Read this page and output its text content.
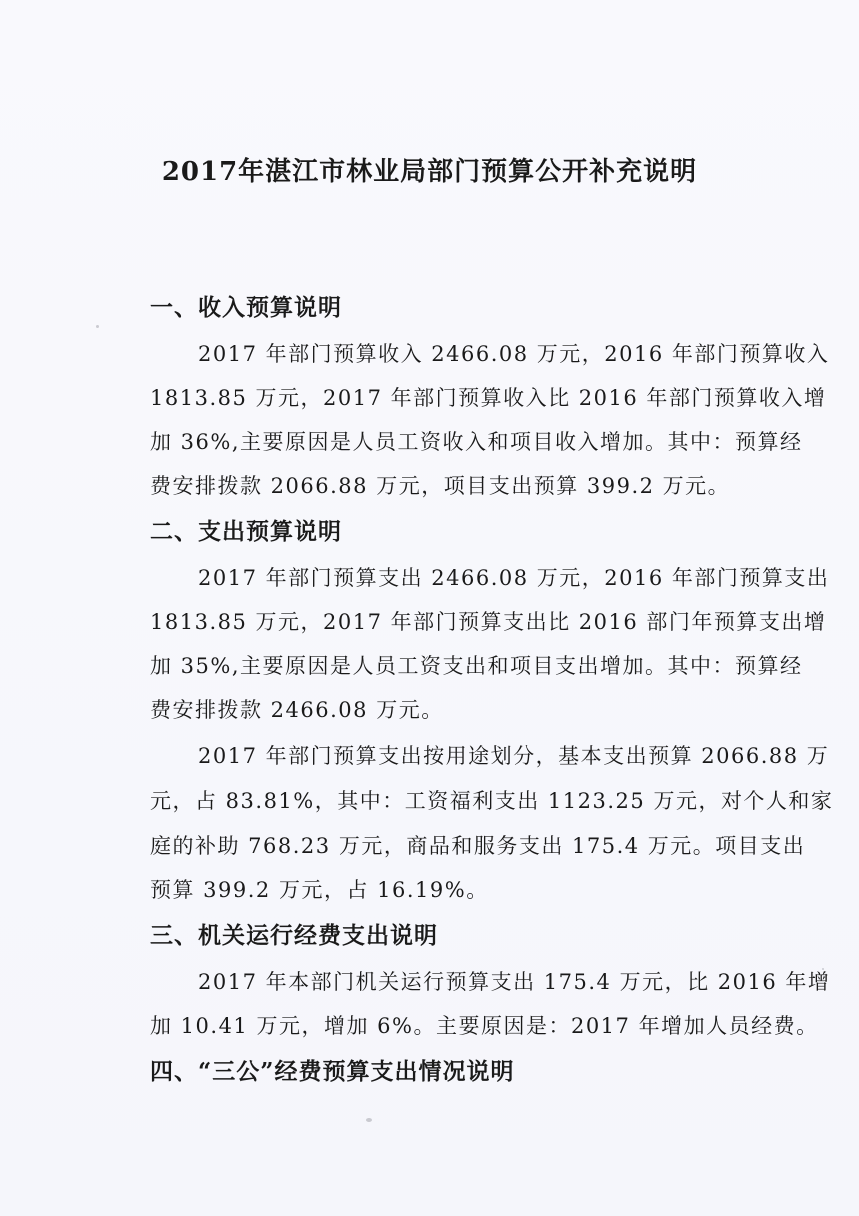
2017年湛江市林业局部门预算公开补充说明
一、收入预算说明
2017 年部门预算收入 2466.08 万元，2016 年部门预算收入
1813.85 万元，2017 年部门预算收入比 2016 年部门预算收入增
加 36%,主要原因是人员工资收入和项目收入增加。其中：预算经
费安排拨款 2066.88 万元，项目支出预算 399.2 万元。
二、支出预算说明
2017 年部门预算支出 2466.08 万元，2016 年部门预算支出
1813.85 万元，2017 年部门预算支出比 2016 部门年预算支出增
加 35%,主要原因是人员工资支出和项目支出增加。其中：预算经
费安排拨款 2466.08 万元。
2017 年部门预算支出按用途划分，基本支出预算 2066.88 万
元，占 83.81%，其中：工资福利支出 1123.25 万元，对个人和家
庭的补助 768.23 万元，商品和服务支出 175.4 万元。项目支出
预算 399.2 万元，占 16.19%。
三、机关运行经费支出说明
2017 年本部门机关运行预算支出 175.4 万元，比 2016 年增
加 10.41 万元，增加 6%。主要原因是：2017 年增加人员经费。
四、“三公”经费预算支出情况说明
